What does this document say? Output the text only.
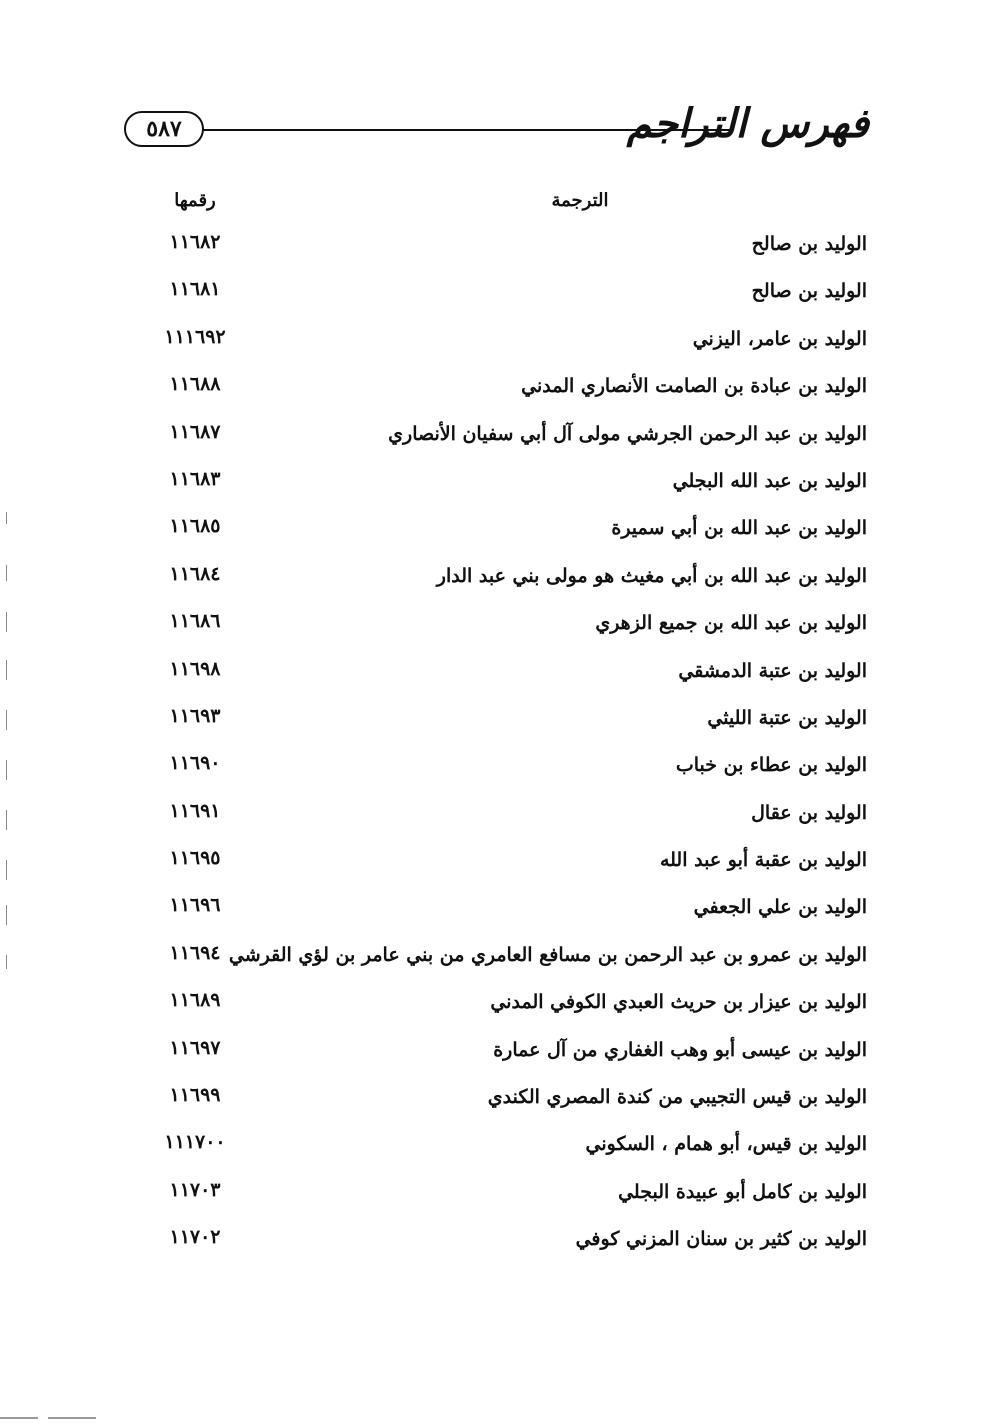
فهرس التراجم
٥٨٧
الترجمة
رقمها
الوليد بن صالح
١١٦٨٢
الوليد بن صالح
١١٦٨١
الوليد بن عامر، اليزني
١١١٦٩٢
الوليد بن عبادة بن الصامت الأنصاري المدني
١١٦٨٨
الوليد بن عبد الرحمن الجرشي مولى آل أبي سفيان الأنصاري
١١٦٨٧
الوليد بن عبد الله البجلي
١١٦٨٣
الوليد بن عبد الله بن أبي سميرة
١١٦٨٥
الوليد بن عبد الله بن أبي مغيث هو مولى بني عبد الدار
١١٦٨٤
الوليد بن عبد الله بن جميع الزهري
١١٦٨٦
الوليد بن عتبة الدمشقي
١١٦٩٨
الوليد بن عتبة الليثي
١١٦٩٣
الوليد بن عطاء بن خباب
١١٦٩٠
الوليد بن عقال
١١٦٩١
الوليد بن عقبة أبو عبد الله
١١٦٩٥
الوليد بن علي الجعفي
١١٦٩٦
الوليد بن عمرو بن عبد الرحمن بن مسافع العامري من بني عامر بن لؤي القرشي
١١٦٩٤
الوليد بن عيزار بن حريث العبدي الكوفي المدني
١١٦٨٩
الوليد بن عيسى أبو وهب الغفاري من آل عمارة
١١٦٩٧
الوليد بن قيس التجيبي من كندة المصري الكندي
١١٦٩٩
الوليد بن قيس، أبو همام ، السكوني
١١١٧٠٠
الوليد بن كامل أبو عبيدة البجلي
١١٧٠٣
الوليد بن كثير بن سنان المزني كوفي
١١٧٠٢
